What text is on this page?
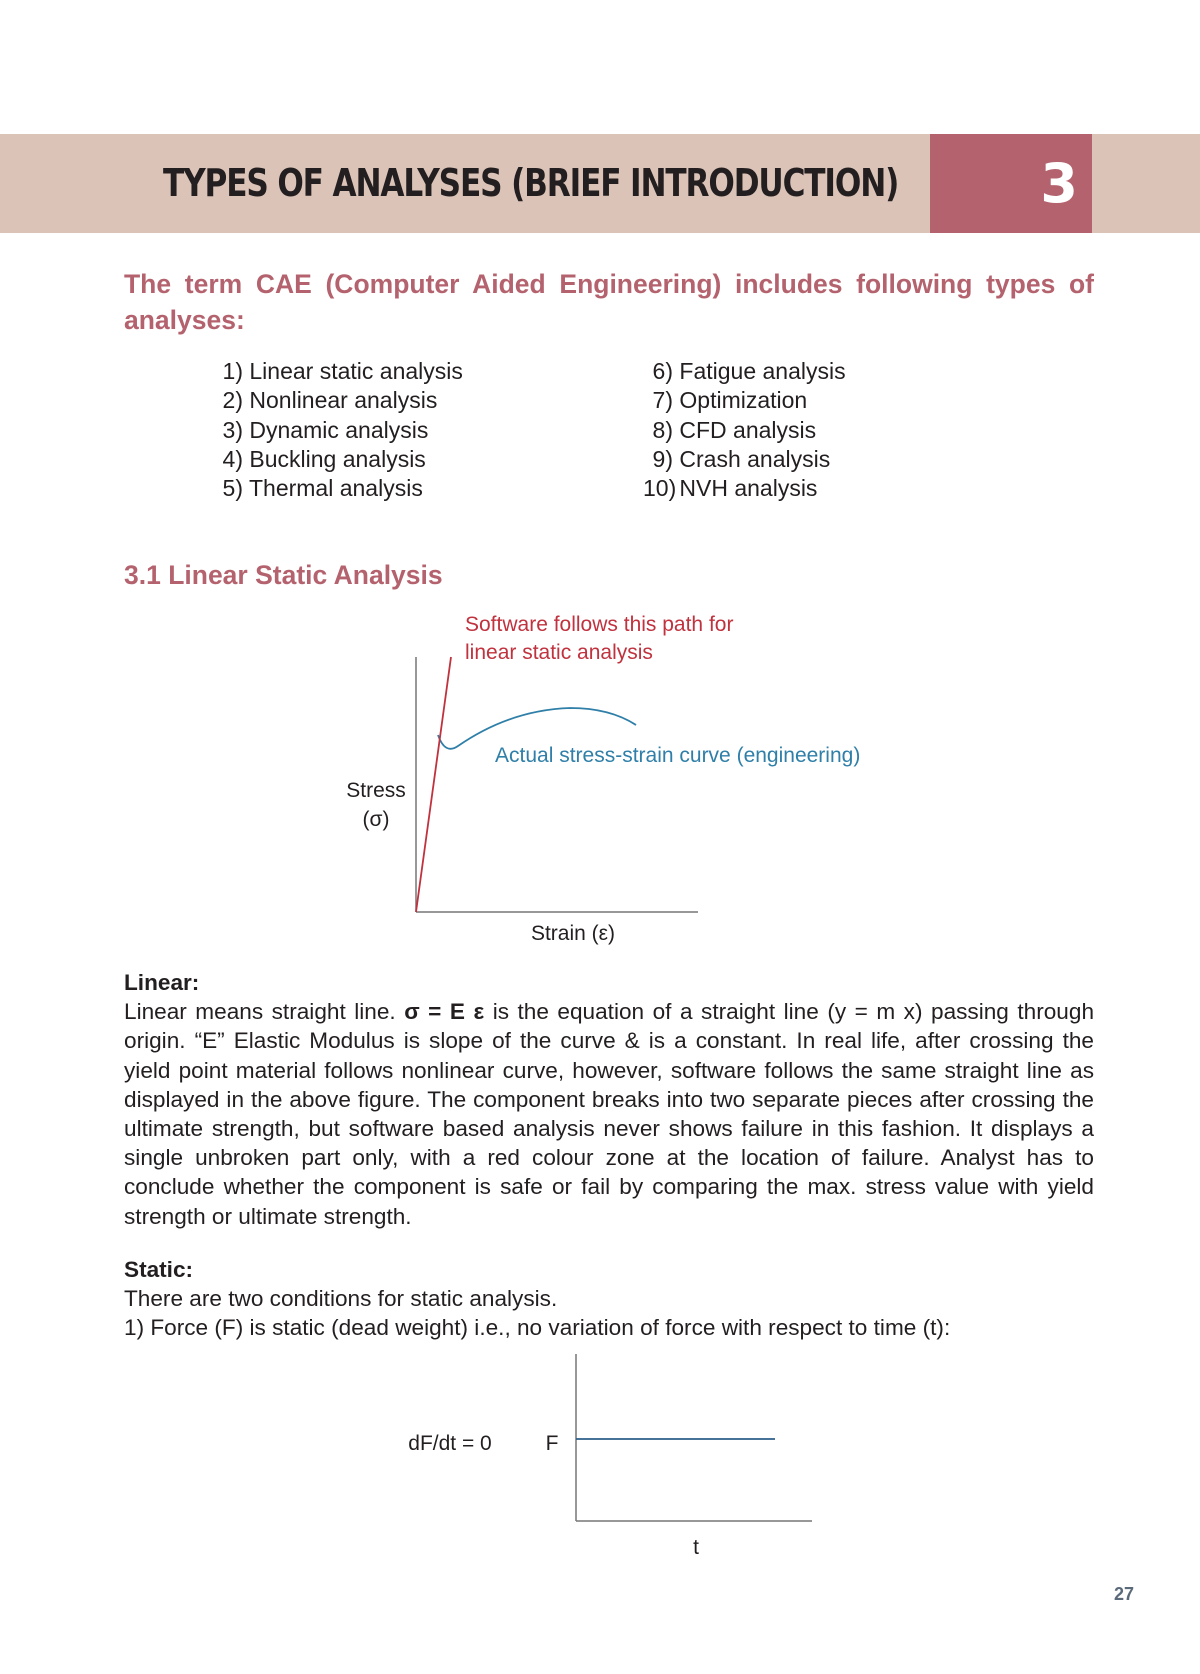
TYPES OF ANALYSES (BRIEF INTRODUCTION)	3
The term CAE (Computer Aided Engineering) includes following types of analyses:
1) Linear static analysis
2) Nonlinear analysis
3) Dynamic analysis
4) Buckling analysis
5) Thermal analysis
6) Fatigue analysis
7) Optimization
8) CFD analysis
9) Crash analysis
10) NVH analysis
3.1 Linear Static Analysis
Software follows this path for
linear static analysis
Actual stress-strain curve (engineering)
Stress
(σ)
Strain (ε)
dF/dt = 0	F
t
Linear:
Linear means straight line. σ = E ε is the equation of a straight line (y = m x) passing through origin. “E” Elastic Modulus is slope of the curve & is a constant. In real life, after crossing the yield point material follows nonlinear curve, however, software follows the same straight line as displayed in the above figure. The component breaks into two separate pieces after crossing the ultimate strength, but software based analysis never shows failure in this fashion. It displays a single unbroken part only, with a red colour zone at the location of failure. Analyst has to conclude whether the component is safe or fail by comparing the max. stress value with yield strength or ultimate strength.
Static:
There are two conditions for static analysis.
1) Force (F) is static (dead weight) i.e., no variation of force with respect to time (t):
27
